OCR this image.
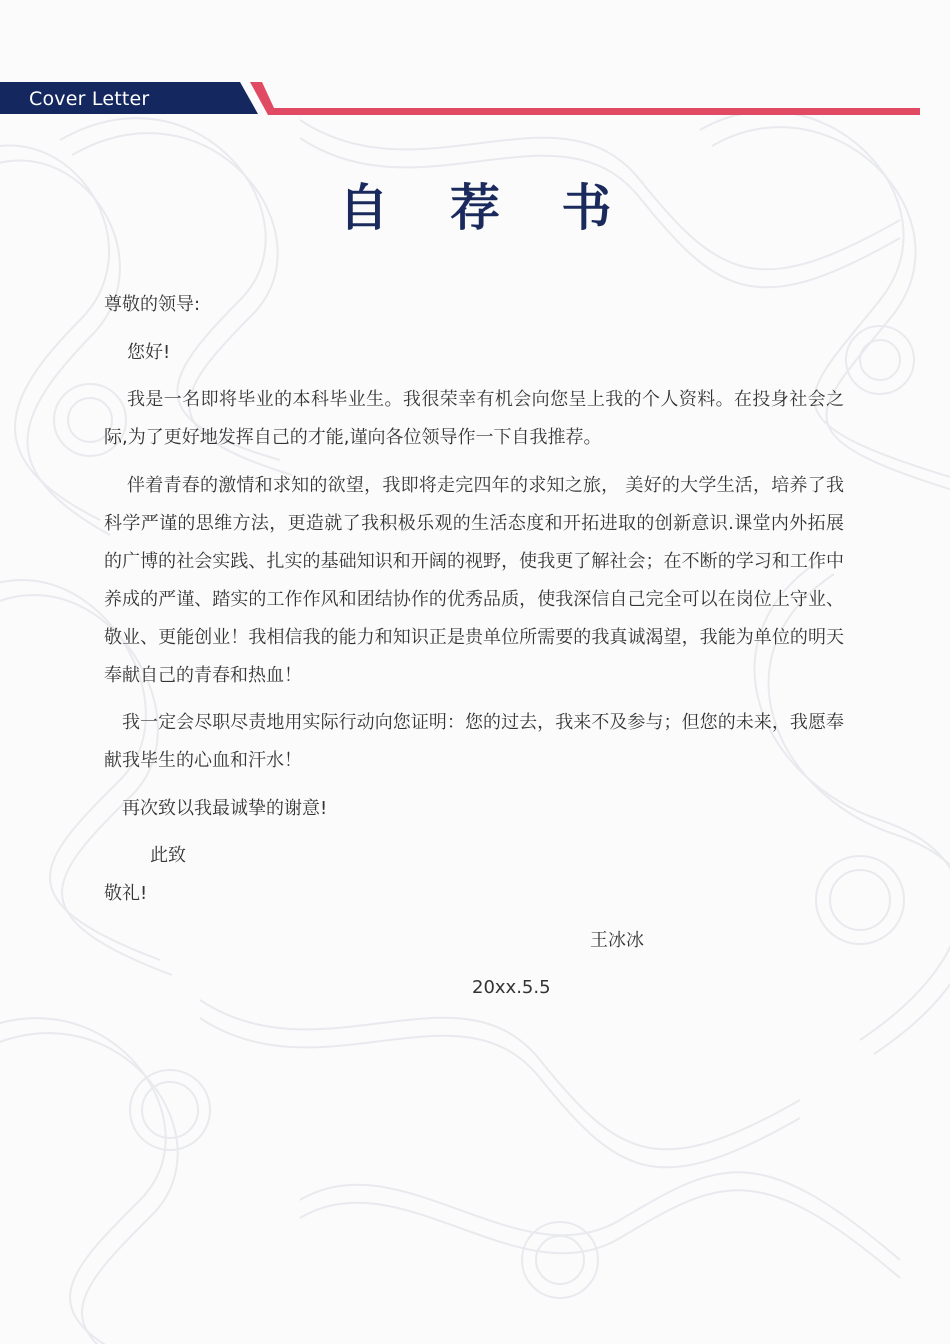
Cover Letter
自 荐 书
尊敬的领导:
您好!
我是一名即将毕业的本科毕业生。我很荣幸有机会向您呈上我的个人资料。在投身社会之际,为了更好地发挥自己的才能,谨向各位领导作一下自我推荐。
伴着青春的激情和求知的欲望，我即将走完四年的求知之旅， 美好的大学生活，培养了我科学严谨的思维方法，更造就了我积极乐观的生活态度和开拓进取的创新意识.课堂内外拓展的广博的社会实践、扎实的基础知识和开阔的视野，使我更了解社会；在不断的学习和工作中养成的严谨、踏实的工作作风和团结协作的优秀品质，使我深信自己完全可以在岗位上守业、敬业、更能创业！我相信我的能力和知识正是贵单位所需要的我真诚渴望，我能为单位的明天奉献自己的青春和热血！
我一定会尽职尽责地用实际行动向您证明：您的过去，我来不及参与；但您的未来，我愿奉献我毕生的心血和汗水！
再次致以我最诚挚的谢意!
此致
敬礼!
王冰冰
20xx.5.5
